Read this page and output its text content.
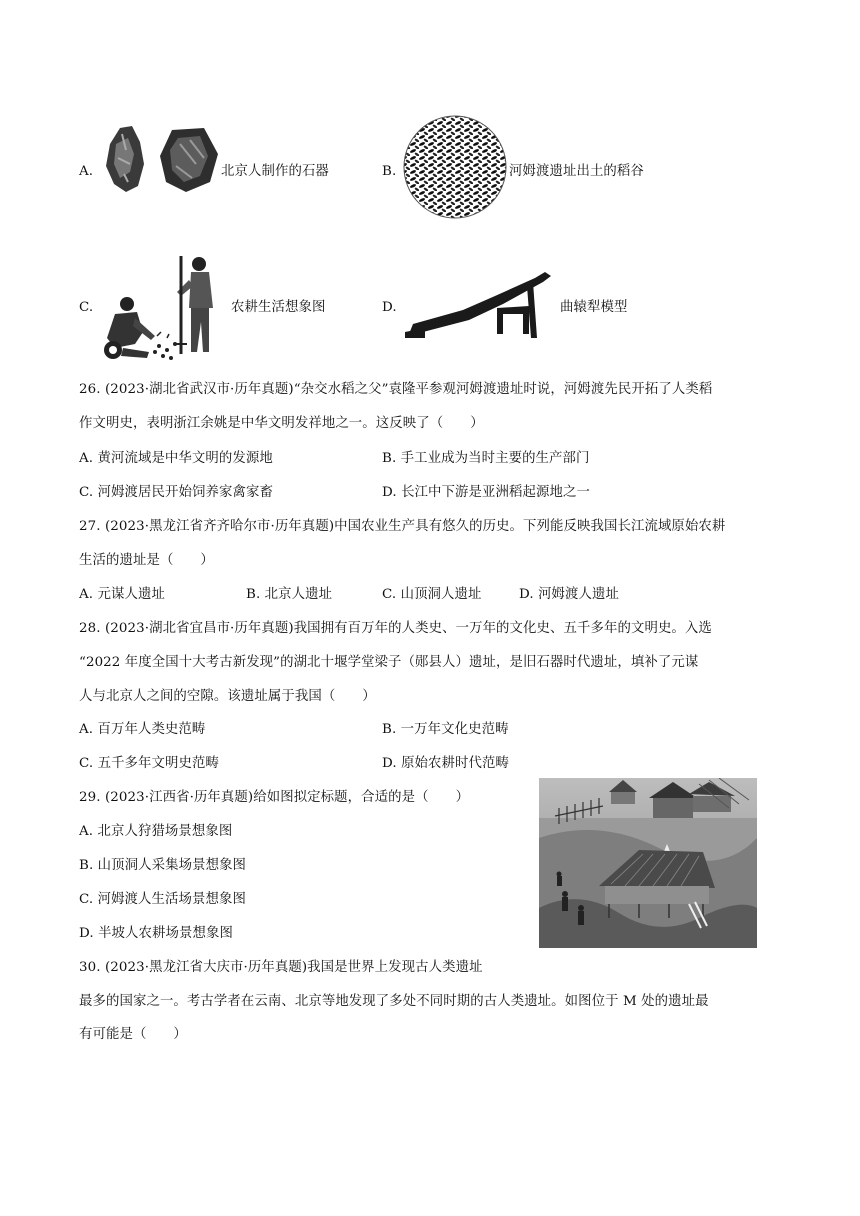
A.	北京人制作的石器	B.	河姆渡遗址出土的稻谷
C.	农耕生活想象图	D.	曲辕犁模型
26. (2023·湖北省武汉市·历年真题)“杂交水稻之父”袁隆平参观河姆渡遗址时说，河姆渡先民开拓了人类稻
作文明史，表明浙江余姚是中华文明发祥地之一。这反映了（　　）
A. 黄河流域是中华文明的发源地	B. 手工业成为当时主要的生产部门
C. 河姆渡居民开始饲养家禽家畜	D. 长江中下游是亚洲稻起源地之一
27. (2023·黑龙江省齐齐哈尔市·历年真题)中国农业生产具有悠久的历史。下列能反映我国长江流域原始农耕
生活的遗址是（　　）
A. 元谋人遗址	B. 北京人遗址	C. 山顶洞人遗址	D. 河姆渡人遗址
28. (2023·湖北省宜昌市·历年真题)我国拥有百万年的人类史、一万年的文化史、五千多年的文明史。入选
“2022 年度全国十大考古新发现”的湖北十堰学堂梁子（郧县人）遗址，是旧石器时代遗址，填补了元谋
人与北京人之间的空隙。该遗址属于我国（　　）
A. 百万年人类史范畴	B. 一万年文化史范畴
C. 五千多年文明史范畴	D. 原始农耕时代范畴
29. (2023·江西省·历年真题)给如图拟定标题，合适的是（　　）
A. 北京人狩猎场景想象图
B. 山顶洞人采集场景想象图
C. 河姆渡人生活场景想象图
D. 半坡人农耕场景想象图
30. (2023·黑龙江省大庆市·历年真题)我国是世界上发现古人类遗址
最多的国家之一。考古学者在云南、北京等地发现了多处不同时期的古人类遗址。如图位于 M 处的遗址最
有可能是（　　）
